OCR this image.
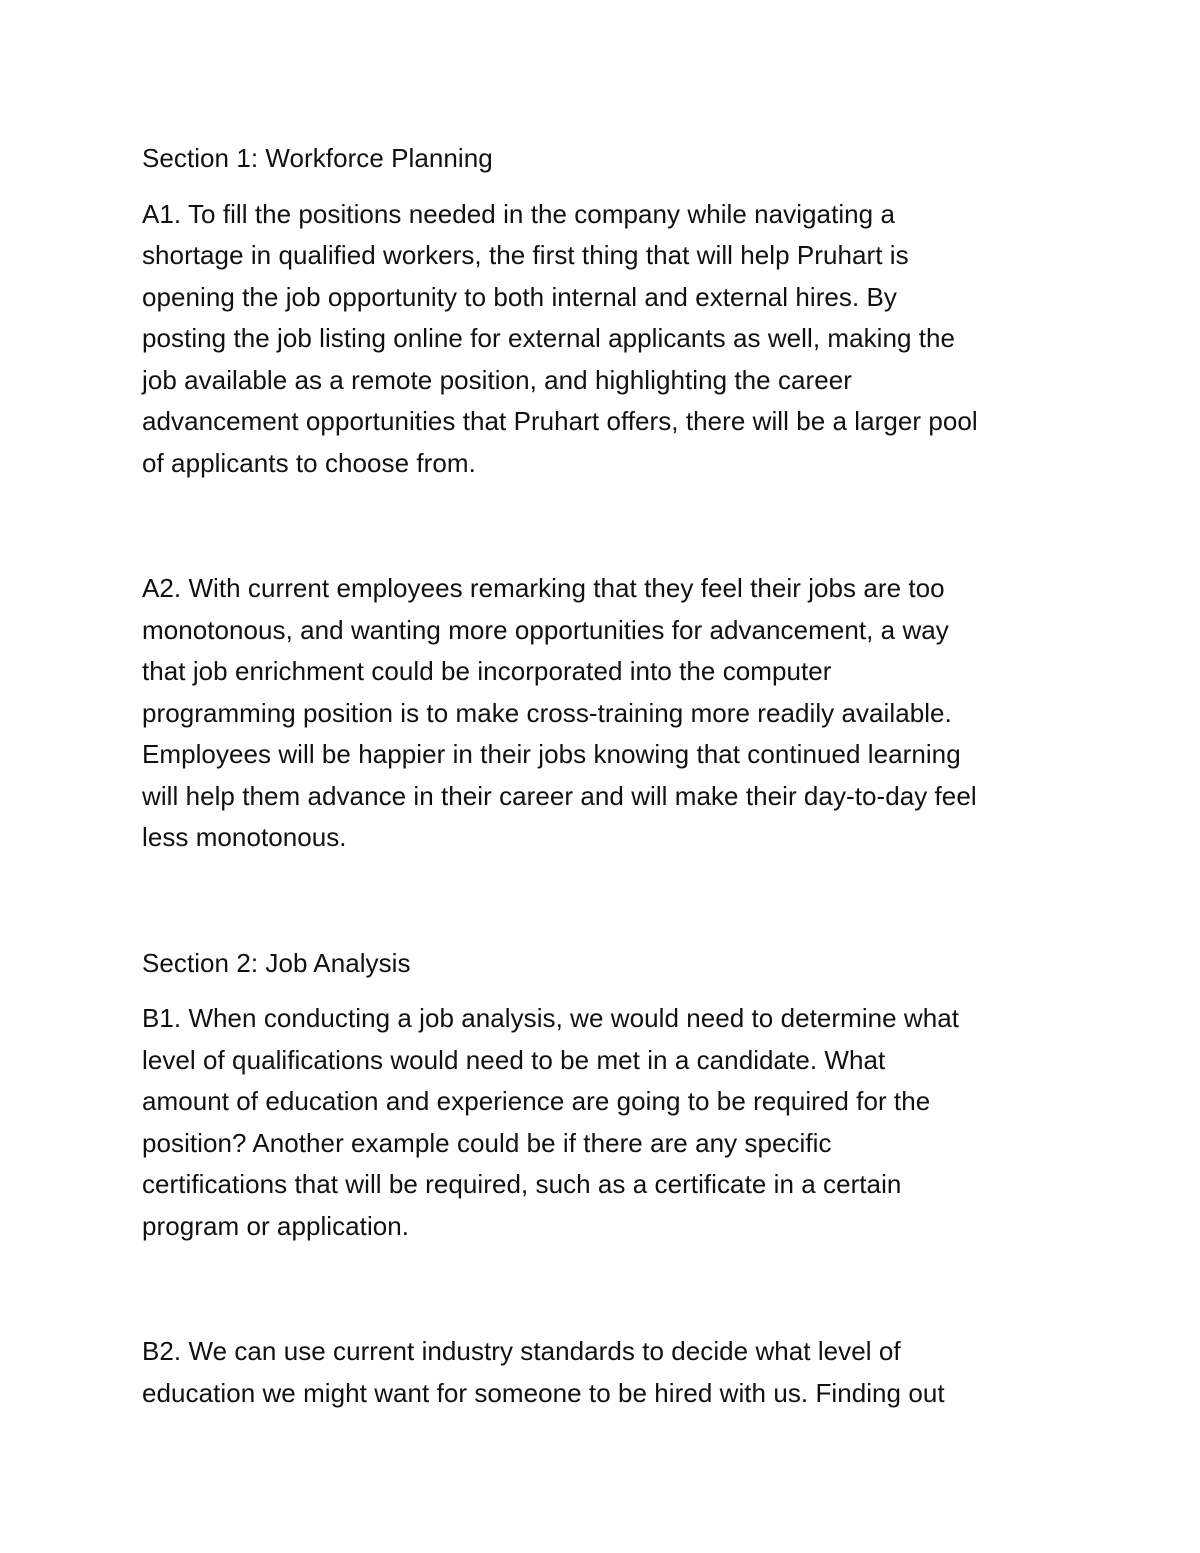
Section 1: Workforce Planning

A1. To fill the positions needed in the company while navigating a
shortage in qualified workers, the first thing that will help Pruhart is
opening the job opportunity to both internal and external hires. By
posting the job listing online for external applicants as well, making the
job available as a remote position, and highlighting the career
advancement opportunities that Pruhart offers, there will be a larger pool
of applicants to choose from.

A2. With current employees remarking that they feel their jobs are too
monotonous, and wanting more opportunities for advancement, a way
that job enrichment could be incorporated into the computer
programming position is to make cross-training more readily available.
Employees will be happier in their jobs knowing that continued learning
will help them advance in their career and will make their day-to-day feel
less monotonous.

Section 2: Job Analysis

B1. When conducting a job analysis, we would need to determine what
level of qualifications would need to be met in a candidate. What
amount of education and experience are going to be required for the
position? Another example could be if there are any specific
certifications that will be required, such as a certificate in a certain
program or application.

B2. We can use current industry standards to decide what level of
education we might want for someone to be hired with us. Finding out
